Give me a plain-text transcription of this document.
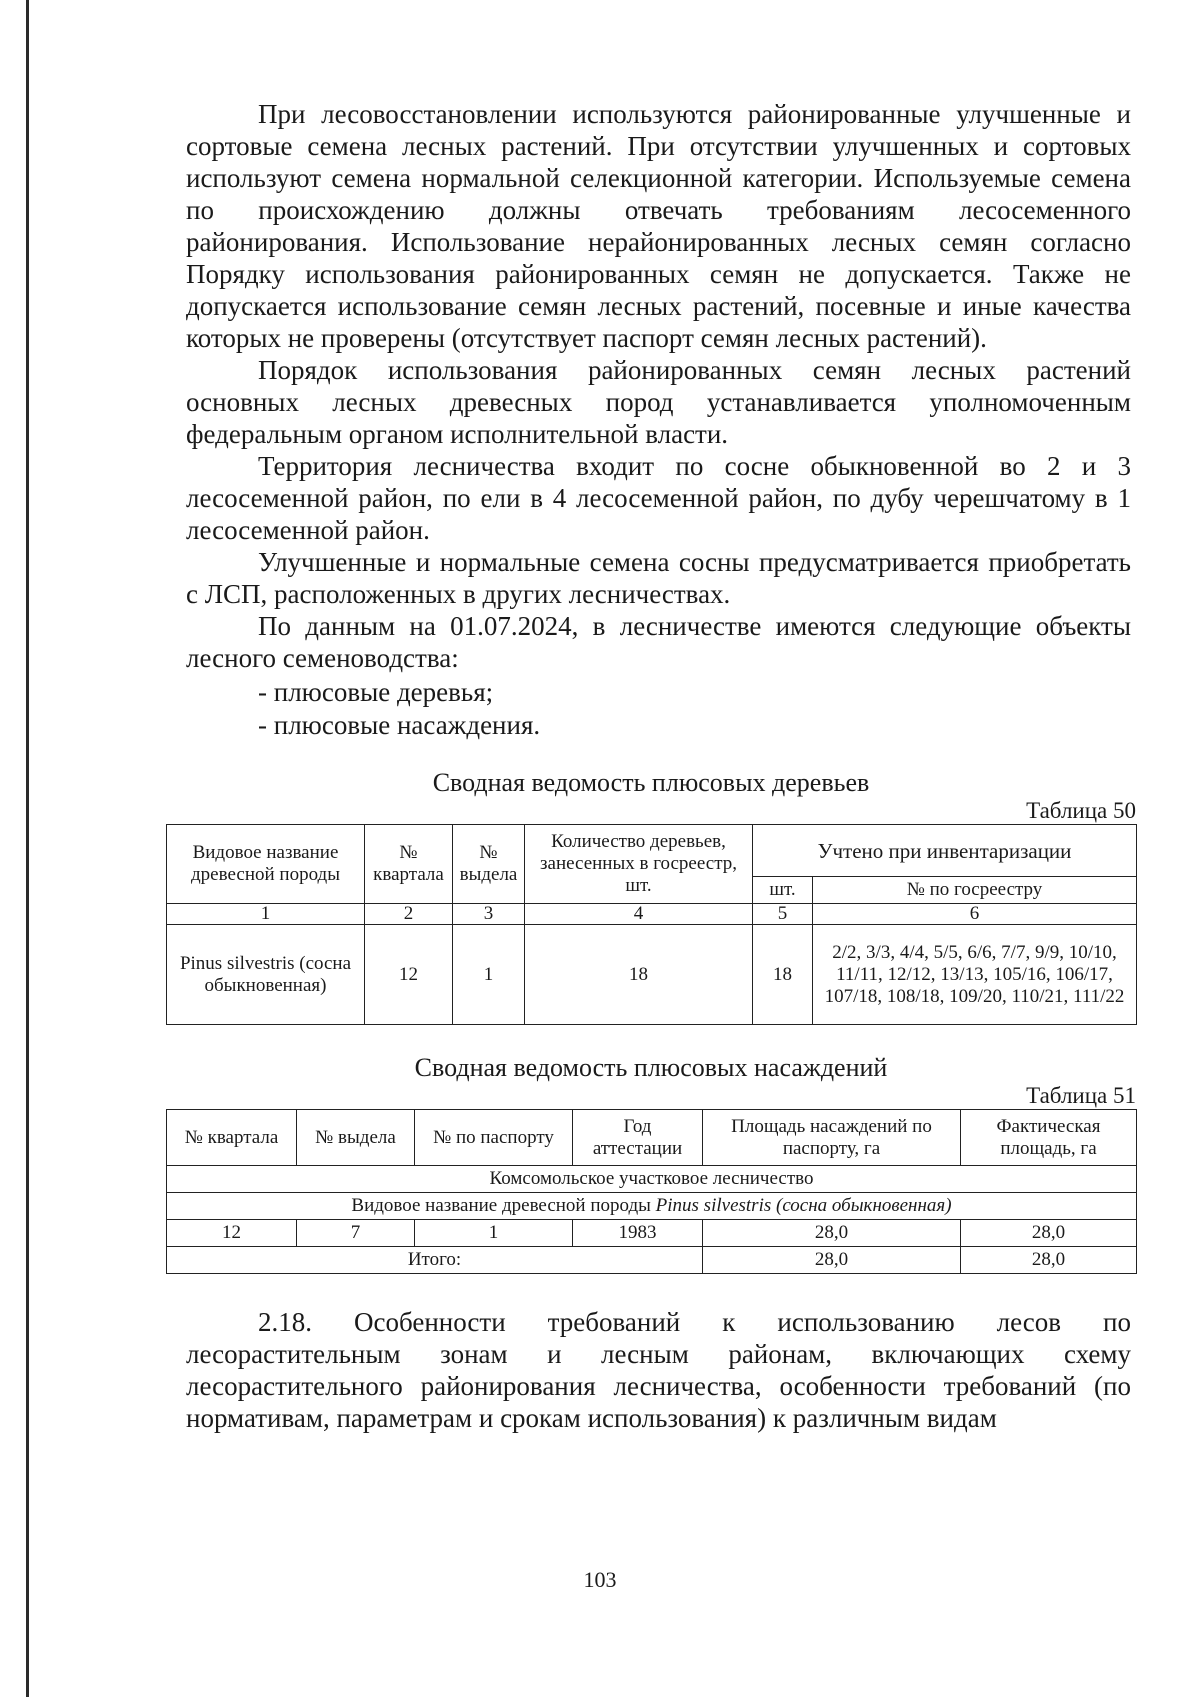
При лесовосстановлении используются районированные улучшенные и сортовые семена лесных растений. При отсутствии улучшенных и сортовых используют семена нормальной селекционной категории. Используемые семена по происхождению должны отвечать требованиям лесосеменного районирования. Использование нерайонированных лесных семян согласно Порядку использования районированных семян не допускается. Также не допускается использование семян лесных растений, посевные и иные качества которых не проверены (отсутствует паспорт семян лесных растений).

Порядок использования районированных семян лесных растений основных лесных древесных пород устанавливается уполномоченным федеральным органом исполнительной власти.

Территория лесничества входит по сосне обыкновенной во 2 и 3 лесосеменной район, по ели в 4 лесосеменной район, по дубу черешчатому в 1 лесосеменной район.

Улучшенные и нормальные семена сосны предусматривается приобретать с ЛСП, расположенных в других лесничествах.

По данным на 01.07.2024, в лесничестве имеются следующие объекты лесного семеноводства:

- плюсовые деревья;
- плюсовые насаждения.
Сводная ведомость плюсовых деревьев
Таблица 50
Видовое название древесной породы	№ квартала	№ выдела	Количество деревьев, занесенных в госреестр, шт.	Учтено при инвентаризации	
				шт.	№ по госреестру
1	2	3	4	5	6
Pinus silvestris (сосна обыкновенная)	12	1	18	18	2/2, 3/3, 4/4, 5/5, 6/6, 7/7, 9/9, 10/10, 11/11, 12/12, 13/13, 105/16, 106/17, 107/18, 108/18, 109/20, 110/21, 111/22
Сводная ведомость плюсовых насаждений
Таблица 51
№ квартала	№ выдела	№ по паспорту	Год аттестации	Площадь насаждений по паспорту, га	Фактическая площадь, га
Комсомольское участковое лесничество					
Видовое название древесной породы Pinus silvestris (сосна обыкновенная)					
12	7	1	1983	28,0	28,0
Итого:				28,0	28,0

2.18. Особенности требований к использованию лесов по лесорастительным зонам и лесным районам, включающих схему лесорастительного районирования лесничества, особенности требований (по нормативам, параметрам и срокам использования) к различным видам

103
